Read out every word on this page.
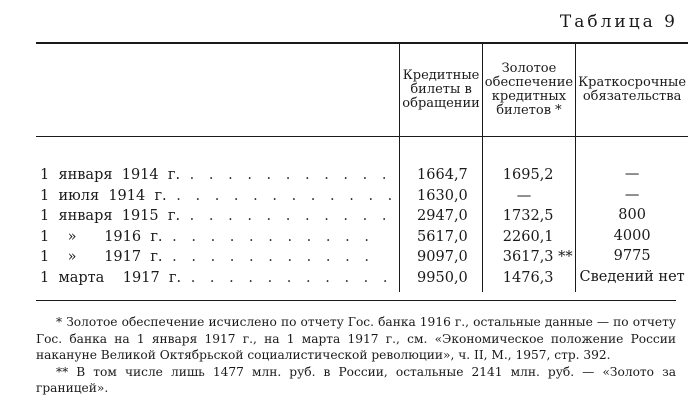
Таблица 9
	Кредитные билеты в обращении	Золотое обеспечение кредитных билетов *	Краткосрочные обязательства

1 января 1914 г. . . . . . . . . . . .	1664,7	1695,2	—
1 июля 1914 г. . . . . . . . . . . . .	1630,0	—	—
1 января 1915 г. . . . . . . . . . . .	2947,0	1732,5	800
1 » 1916 г. . . . . . . . . . . .	5617,0	2260,1	4000
1 » 1917 г. . . . . . . . . . . .	9097,0	3617,3 **	9775
1 марта 1917 г. . . . . . . . . . . .	9950,0	1476,3	Сведений нет

* Золотое обеспечение исчислено по отчету Гос. банка 1916 г., остальные данные — по отчету Гос. банка на 1 января 1917 г., на 1 марта 1917 г., см. «Экономическое положение России накануне Великой Октябрьской социалистической революции», ч. II, М., 1957, стр. 392.

** В том числе лишь 1477 млн. руб. в России, остальные 2141 млн. руб. — «Золото за границей».
